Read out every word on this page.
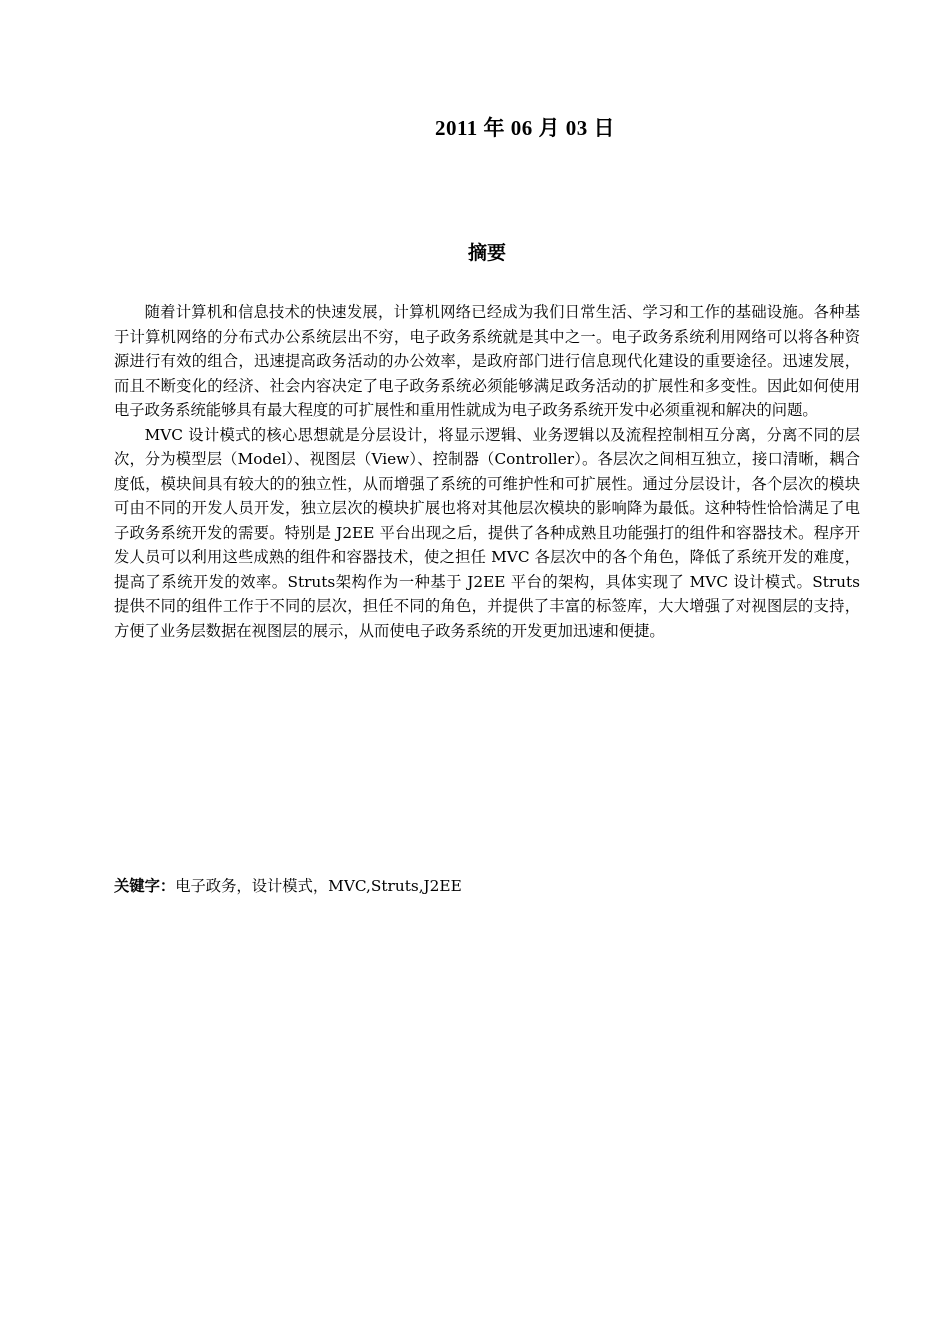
2011 年 06 月 03 日
摘要

随着计算机和信息技术的快速发展，计算机网络已经成为我们日常生活、学习和工作的基础设施。各种基于计算机网络的分布式办公系统层出不穷，电子政务系统就是其中之一。电子政务系统利用网络可以将各种资源进行有效的组合，迅速提高政务活动的办公效率，是政府部门进行信息现代化建设的重要途径。迅速发展，而且不断变化的经济、社会内容决定了电子政务系统必须能够满足政务活动的扩展性和多变性。因此如何使用电子政务系统能够具有最大程度的可扩展性和重用性就成为电子政务系统开发中必须重视和解决的问题。

MVC 设计模式的核心思想就是分层设计，将显示逻辑、业务逻辑以及流程控制相互分离，分离不同的层次，分为模型层（Model）、视图层（View）、控制器（Controller）。各层次之间相互独立，接口清晰，耦合度低，模块间具有较大的的独立性，从而增强了系统的可维护性和可扩展性。通过分层设计，各个层次的模块可由不同的开发人员开发，独立层次的模块扩展也将对其他层次模块的影响降为最低。这种特性恰恰满足了电子政务系统开发的需要。特别是 J2EE 平台出现之后，提供了各种成熟且功能强打的组件和容器技术。程序开发人员可以利用这些成熟的组件和容器技术，使之担任 MVC 各层次中的各个角色，降低了系统开发的难度，提高了系统开发的效率。Struts架构作为一种基于 J2EE 平台的架构，具体实现了 MVC 设计模式。Struts 提供不同的组件工作于不同的层次，担任不同的角色，并提供了丰富的标签库，大大增强了对视图层的支持，方便了业务层数据在视图层的展示，从而使电子政务系统的开发更加迅速和便捷。

关键字：电子政务，设计模式，MVC,Struts,J2EE
